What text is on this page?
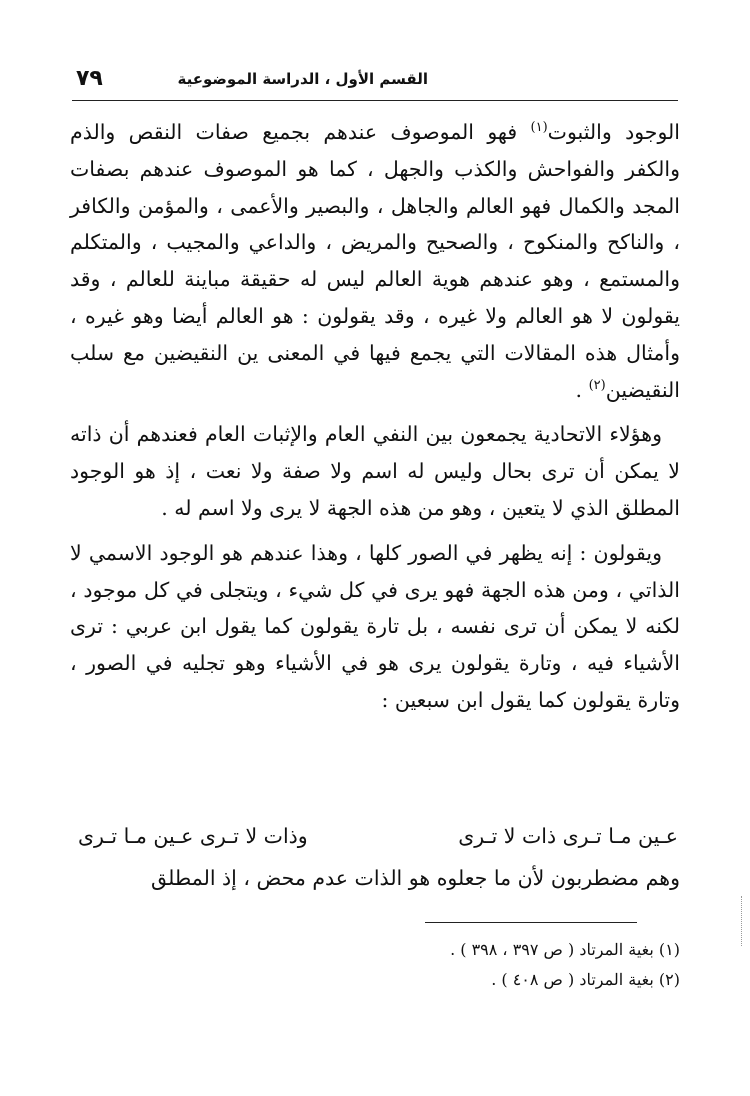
القسم الأول ، الدراسة الموضوعية
٧٩

الوجود والثبوت$^{(١)}$ فهو الموصوف عندهم بجميع صفات النقص والذم والكفر والفواحش والكذب والجهل ، كما هو الموصوف عندهم بصفات المجد والكمال فهو العالم والجاهل ، والبصير والأعمى ، والمؤمن والكافر ، والناكح والمنكوح ، والصحيح والمريض ، والداعي والمجيب ، والمتكلم والمستمع ، وهو عندهم هوية العالم ليس له حقيقة مباينة للعالم ، وقد يقولون لا هو العالم ولا غيره ، وقد يقولون : هو العالم أيضا وهو غيره ، وأمثال هذه المقالات التي يجمع فيها في المعنى ين النقيضين مع سلب النقيضين$^{(٢)}$ .

وهؤلاء الاتحادية يجمعون بين النفي العام والإثبات العام فعندهم أن ذاته لا يمكن أن ترى بحال وليس له اسم ولا صفة ولا نعت ، إذ هو الوجود المطلق الذي لا يتعين ، وهو من هذه الجهة لا يرى ولا اسم له .

ويقولون : إنه يظهر في الصور كلها ، وهذا عندهم هو الوجود الاسمي لا الذاتي ، ومن هذه الجهة فهو يرى في كل شيء ، ويتجلى في كل موجود ، لكنه لا يمكن أن ترى نفسه ، بل تارة يقولون كما يقول ابن عربي : ترى الأشياء فيه ، وتارة يقولون يرى هو في الأشياء وهو تجليه في الصور ، وتارة يقولون كما يقول ابن سبعين :

عـين مـا تـرى ذات لا تـرى
وذات لا تـرى عـين مـا تـرى
وهم مضطربون لأن ما جعلوه هو الذات عدم محض ، إذ المطلق

(١) بغية المرتاد ( ص ٣٩٧ ، ٣٩٨ ) .

(٢) بغية المرتاد ( ص ٤٠٨ ) .
